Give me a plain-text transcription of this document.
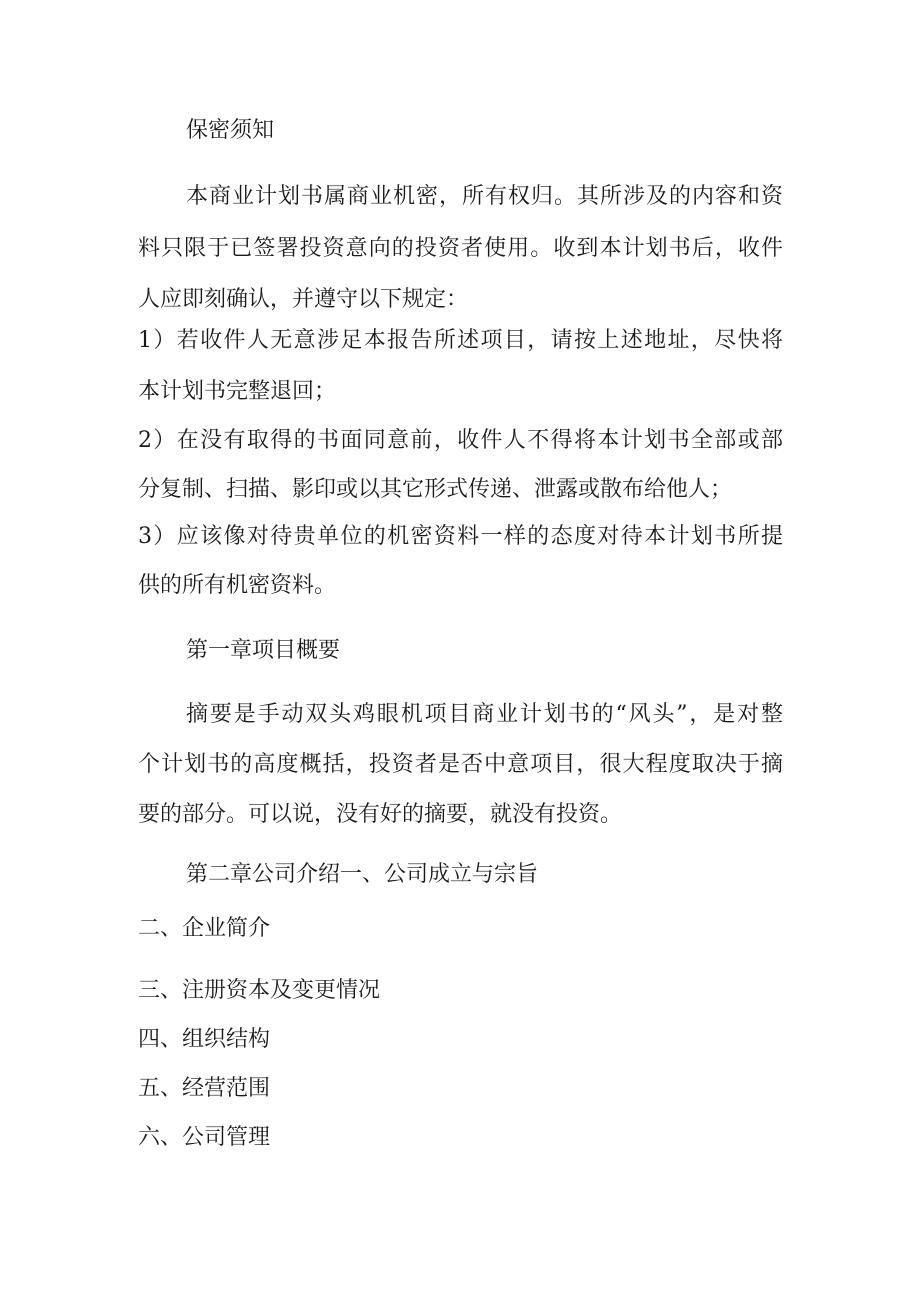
保密须知
本商业计划书属商业机密，所有权归。其所涉及的内容和资
料只限于已签署投资意向的投资者使用。收到本计划书后，收件
人应即刻确认，并遵守以下规定：
1）若收件人无意涉足本报告所述项目，请按上述地址，尽快将
本计划书完整退回；
2）在没有取得的书面同意前，收件人不得将本计划书全部或部
分复制、扫描、影印或以其它形式传递、泄露或散布给他人；
3）应该像对待贵单位的机密资料一样的态度对待本计划书所提
供的所有机密资料。
第一章项目概要
摘要是手动双头鸡眼机项目商业计划书的“风头”，是对整
个计划书的高度概括，投资者是否中意项目，很大程度取决于摘
要的部分。可以说，没有好的摘要，就没有投资。
第二章公司介绍一、公司成立与宗旨
二、企业简介
三、注册资本及变更情况
四、组织结构
五、经营范围
六、公司管理
